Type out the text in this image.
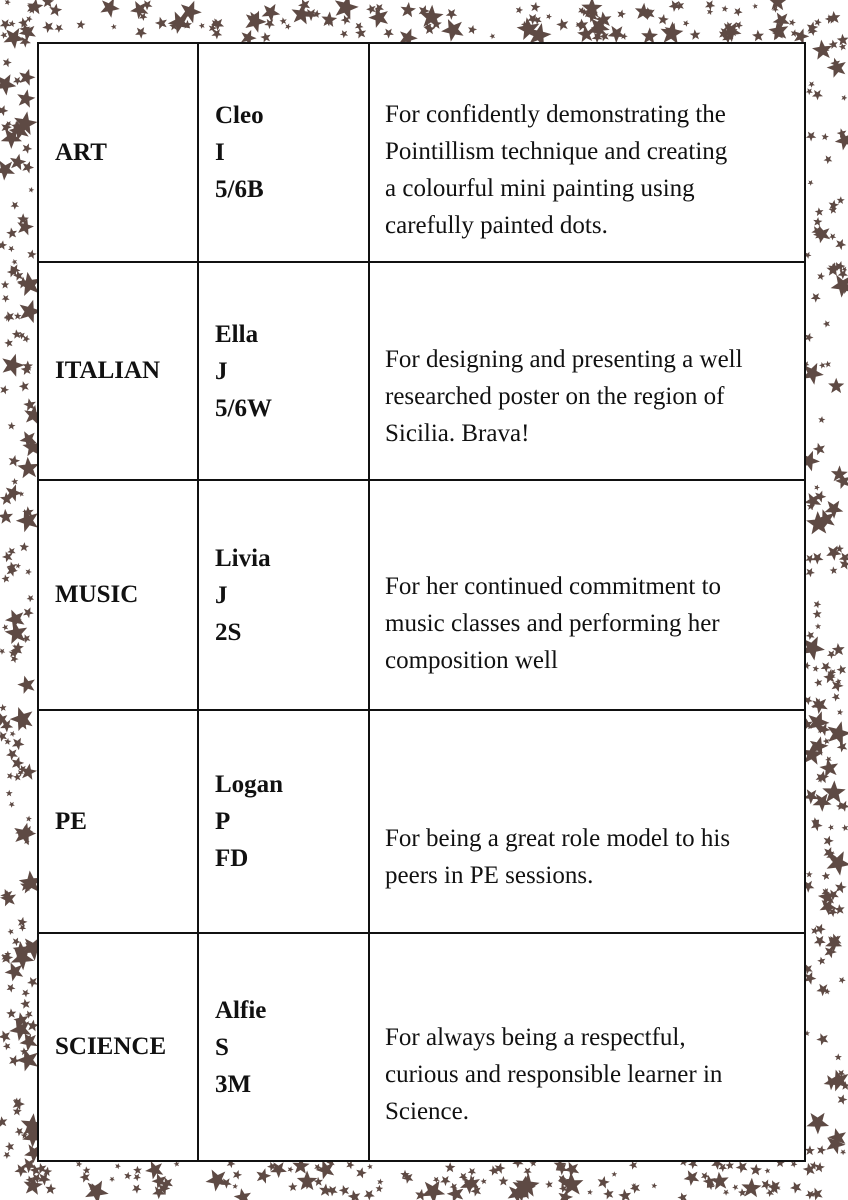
ART	Cleo
I
5/6B	For confidently demonstrating the
Pointillism technique and creating
a colourful mini painting using
carefully painted dots.

ITALIAN	Ella
J
5/6W	For designing and presenting a well
researched poster on the region of
Sicilia. Brava!

MUSIC	Livia
J
2S	For her continued commitment to
music classes and performing her
composition well

PE	Logan
P
FD	For being a great role model to his
peers in PE sessions.

SCIENCE	Alfie
S
3M	For always being a respectful,
curious and responsible learner in
Science.
